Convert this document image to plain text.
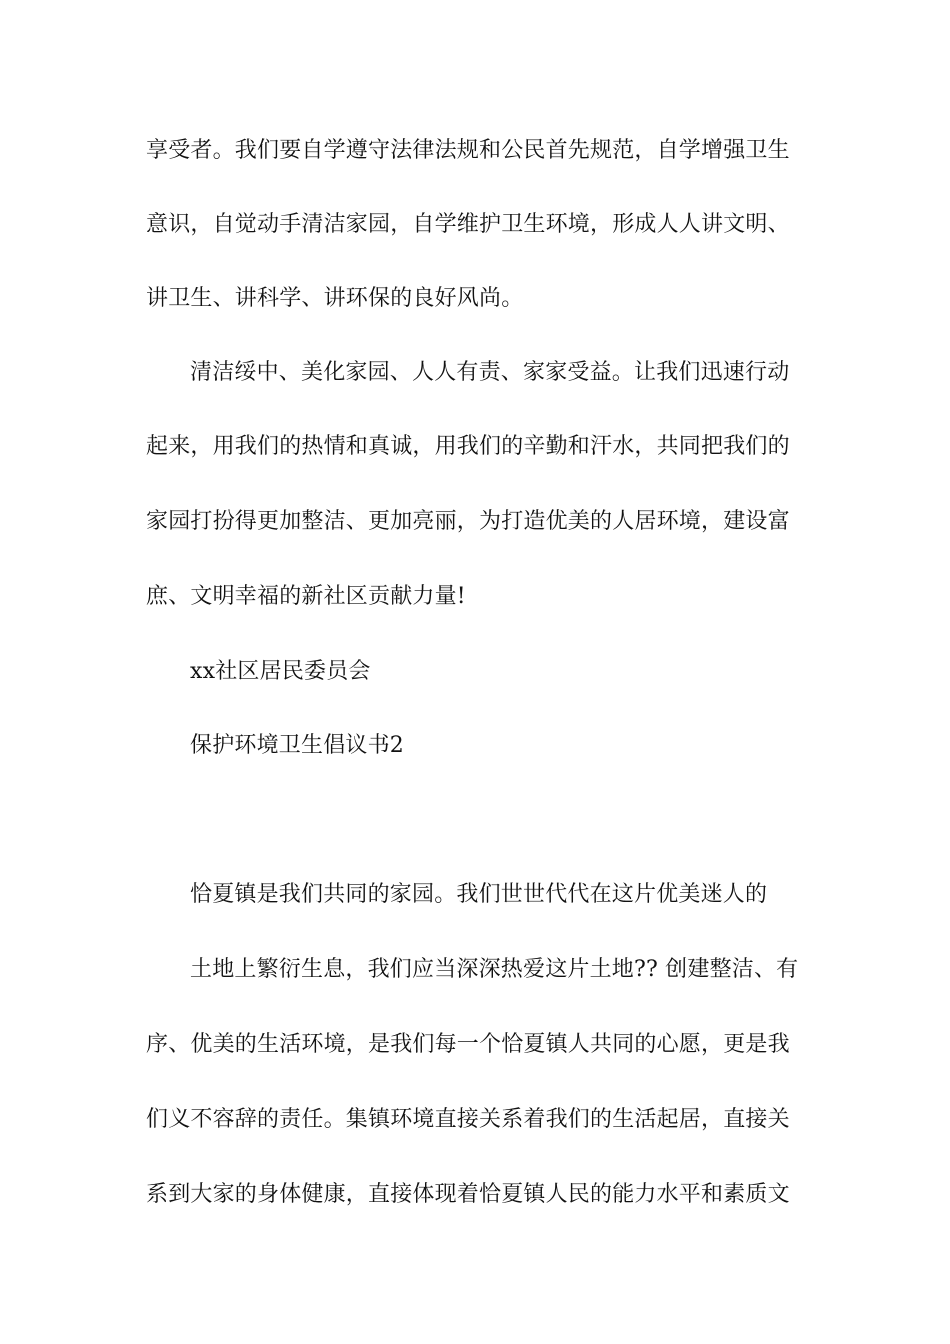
享受者。我们要自学遵守法律法规和公民首先规范，自学增强卫生
意识，自觉动手清洁家园，自学维护卫生环境，形成人人讲文明、
讲卫生、讲科学、讲环保的良好风尚。
清洁绥中、美化家园、人人有责、家家受益。让我们迅速行动
起来，用我们的热情和真诚，用我们的辛勤和汗水，共同把我们的
家园打扮得更加整洁、更加亮丽，为打造优美的人居环境，建设富
庶、文明幸福的新社区贡献力量!
xx社区居民委员会
保护环境卫生倡议书2
恰夏镇是我们共同的家园。我们世世代代在这片优美迷人的
土地上繁衍生息，我们应当深深热爱这片土地?? 创建整洁、有
序、优美的生活环境，是我们每一个恰夏镇人共同的心愿，更是我
们义不容辞的责任。集镇环境直接关系着我们的生活起居，直接关
系到大家的身体健康，直接体现着恰夏镇人民的能力水平和素质文
